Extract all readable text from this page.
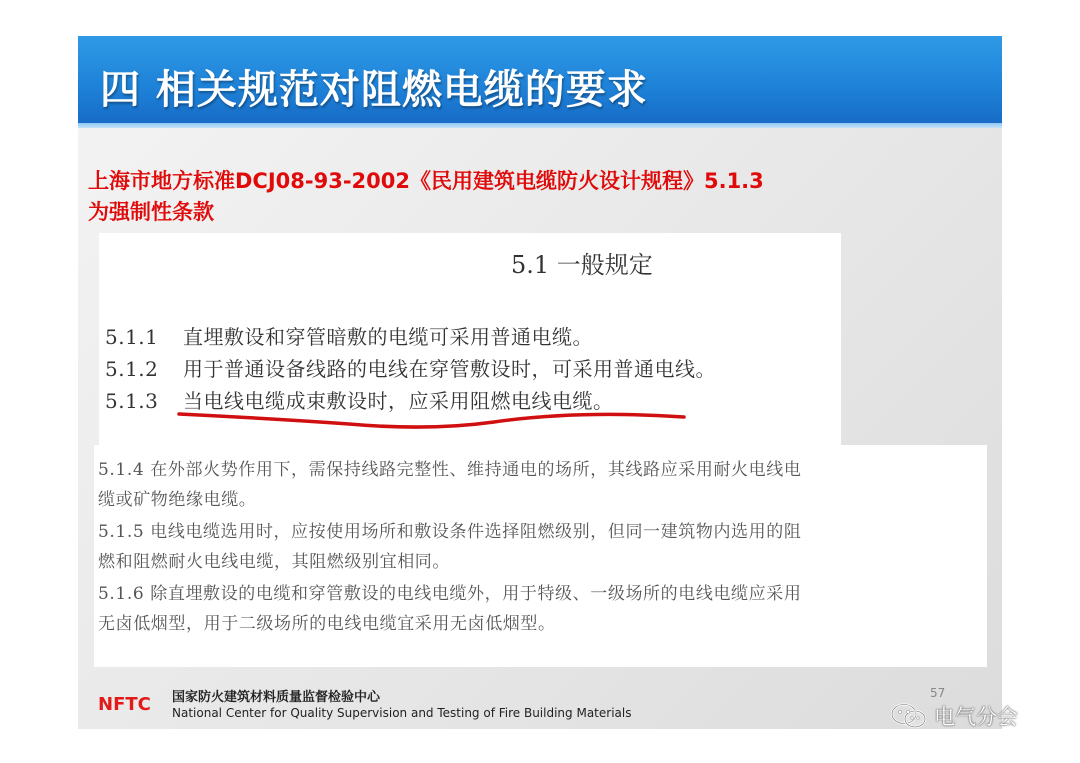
四 相关规范对阻燃电缆的要求
上海市地方标准DCJ08-93-2002《民用建筑电缆防火设计规程》5.1.3
为强制性条款
5.1 一般规定
5.1.1 直埋敷设和穿管暗敷的电缆可采用普通电缆。
5.1.2 用于普通设备线路的电线在穿管敷设时，可采用普通电线。
5.1.3 当电线电缆成束敷设时，应采用阻燃电线电缆。
5.1.4 在外部火势作用下，需保持线路完整性、维持通电的场所，其线路应采用耐火电线电
缆或矿物绝缘电缆。
5.1.5 电线电缆选用时，应按使用场所和敷设条件选择阻燃级别，但同一建筑物内选用的阻
燃和阻燃耐火电线电缆，其阻燃级别宜相同。
5.1.6 除直埋敷设的电缆和穿管敷设的电线电缆外，用于特级、一级场所的电线电缆应采用
无卤低烟型，用于二级场所的电线电缆宜采用无卤低烟型。
NFTC 国家防火建筑材料质量监督检验中心
National Center for Quality Supervision and Testing of Fire Building Materials
57
电气分会
